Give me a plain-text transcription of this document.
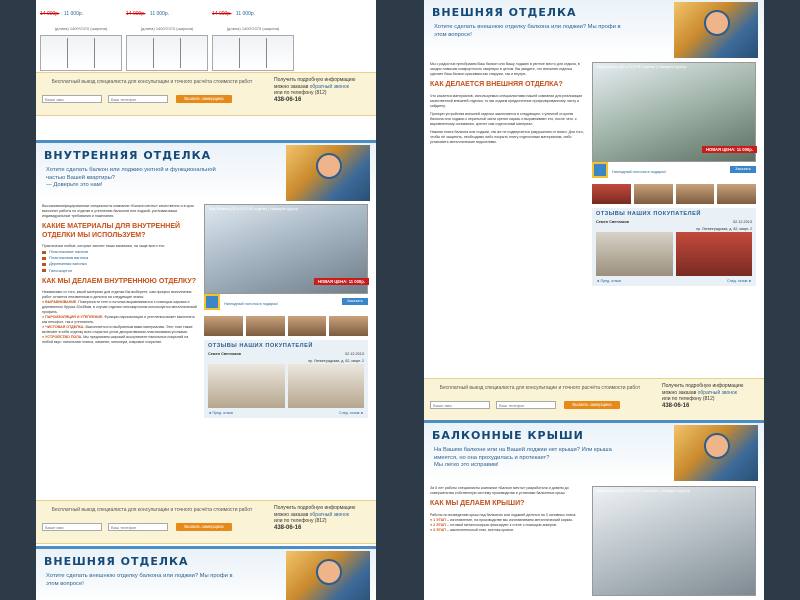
14 000р. 11 000р.
(длина) 1400*2370 (ширина)
14 000р. 11 000р.
(длина) 1400*2370 (ширина)
14 000р. 11 000р.
(длина) 1400*2370 (ширина)
Бесплатный выезд специалиста для консультации и точного расчёта стоимости работ
Ваше имя
Ваш телефон
Вызвать замерщика
Получить подробную информацию
можно заказав обратный звонок
или по телефону (812)
438-06-16
ВНУТРЕННЯЯ ОТДЕЛКА
Хотите сделать балкон или лоджию уютной и функциональной частью Вашей квартиры?
— Доверьте это нам!

Высококвалифицированные специалисты компании «Балкон мечты» качественно и в срок выполнят работы по отделке и утеплению балконов или лоджий, учитывая ваши индивидуальные требования и пожелания.

КАКИЕ МАТЕРИАЛЫ ДЛЯ ВНУТРЕННЕЙ ОТДЕЛКИ МЫ ИСПОЛЬЗУЕМ?

Практически любые, которые захотят наши заказчики, на чаще всего это:

Пластиковые панели
Пластиковая вагонка
Деревянная вагонка
Гипсокартон
КАК МЫ ДЕЛАЕМ ВНУТРЕННЮЮ ОТДЕЛКУ?

Независимо от того, какой материал для отделки Вы выберете, сам процесс выполнения работ остается неизменным и делится на следующие этапы:

● ВЫРАВНИВАНИЕ. Поверхности стен и потолка выравниваются с помощью каркаса и деревянного бруска 20х45мм, в случае отделки гипсокартоном используется металлический профиль.

● ПАРОИЗОЛЯЦИЯ И УТЕПЛЕНИЕ. Функции пароизоляции и утепления может выполнять как пенофол, так и утеплитель.

● ЧИСТОВАЯ ОТДЕЛКА. Выполняется по выбранным вами материалам. Этот этап также включает в себя отделку всех открытых углов декоративными пластиковыми уголками.

● УСТРОЙСТВО ПОЛА. Мы предлагаем широкий ассортимент напольных покрытий на любой вкус: напольная плитка, ламинат, линолеум, ковровое покрытие.

Вид балкона ДО и ПОСЛЕ отделки | Наведите курсор
НОВАЯ ЦЕНА: 11 000р.
Наглядный потолок в подарок!
Заказать
ОТЗЫВЫ НАШИХ ПОКУПАТЕЛЕЙ
Семен Светлаков	02.12.2013
пр. Ленинградская, д. 82, кварт. 2
◄ Пред. отзыв	След. отзыв ►
Бесплатный выезд специалиста для консультации и точного расчёта стоимости работ
Ваше имя
Ваш телефон
Вызвать замерщика
Получить подробную информацию
можно заказав обратный звонок
или по телефону (812)
438-06-16
ВНЕШНЯЯ ОТДЕЛКА
Хотите сделать внешнюю отделку балкона или лоджии? Мы профи в этом вопросе!
ВНЕШНЯЯ ОТДЕЛКА
Хотите сделать внешнюю отделку балкона или лоджии? Мы профи в этом вопросе!

Мы с радостью преобразим Ваш балкон или Вашу лоджию в уютное место для отдыха, в заодно повысим комфортность квартиры в целом. Вы увидите, что внешняя отделка сделает Ваш балкон красивым как снаружи, так и внутри.

КАК ДЕЛАЕТСЯ ВНЕШНЯЯ ОТДЕЛКА?

Что касается материалов, используемых специалистами нашей компании для реализации качественной внешней отделки, то мы отдаем предпочтение профилированному листу и сайдингу.

Принцип устройства внешней отделки заключается в следующем: с уличной стороны балкона или лоджии к перильной части крепят каркас и выравнивают его, после чего, к выровненному основанию, крепят сам отделочный материал.

Нижняя плита балкона или лоджии, так же не подвергается разрушению от влаги. Для того, чтобы её защитить, необходимо либо покрыть плиту отделочным материалом, либо установить металлические водоотливы.

Вид балкона ДО и ПОСЛЕ отделки | Наведите курсор
НОВАЯ ЦЕНА: 11 000р.
Наглядный потолок в подарок!
Заказать
ОТЗЫВЫ НАШИХ ПОКУПАТЕЛЕЙ
Семен Светлаков	02.12.2013
пр. Ленинградская, д. 82, кварт. 2
◄ Пред. отзыв	След. отзыв ►
Бесплатный выезд специалиста для консультации и точного расчёта стоимости работ
Ваше имя
Ваш телефон
Вызвать замерщика
Получить подробную информацию
можно заказав обратный звонок
или по телефону (812)
438-06-16
БАЛКОННЫЕ КРЫШИ
На Вашем балконе или на Вашей лоджии нет крыши? Или крыша имеется, но она прохудилась и протекает?
Мы легко это исправим!

За 5 лет работы специалисты компании «Балкон мечты» разработали и довели до совершенства собственную систему производства и установки балконных крыш.

КАК МЫ ДЕЛАЕМ КРЫШИ?

Работы по возведению крыш над балконом или лоджией делятся на 3 основных этапа:

● 1 ЭТАП – изготовление, на производстве мы изготавливаем металлический каркас.

● 2 ЭТАП – готовый металлокаркас фиксируют к стене с помощью анкеров.

● 3 ЭТАП – заключительный этап, монтаж кровли.

Вид балкона ДО и ПОСЛЕ установки | Наведите курсор
